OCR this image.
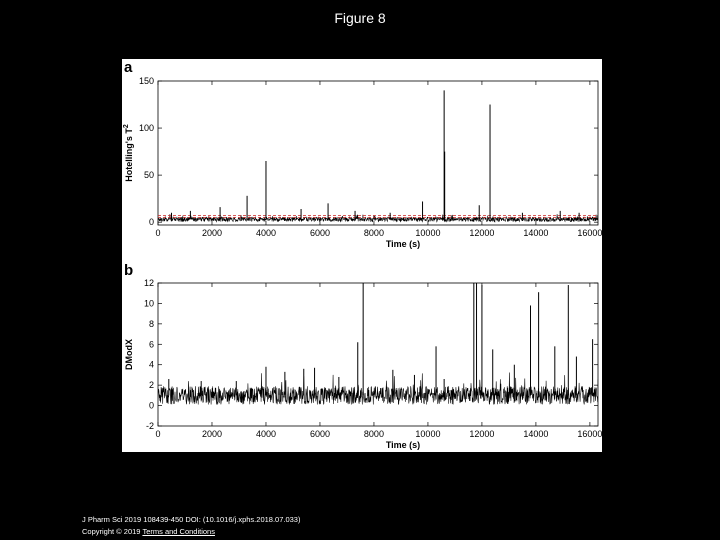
Figure 8
a
0	2000	4000	6000	8000	10000	12000	14000	16000
0
50
100
150
Time (s)
Hotelling's $T^2$
b
0	2000	4000	6000	8000	10000	12000	14000	16000
-2
0
2
4
6
8
10
12
Time (s)
DModX
J Pharm Sci 2019 108439-450 DOI: (10.1016/j.xphs.2018.07.033)
Copyright © 2019 Terms and Conditions
